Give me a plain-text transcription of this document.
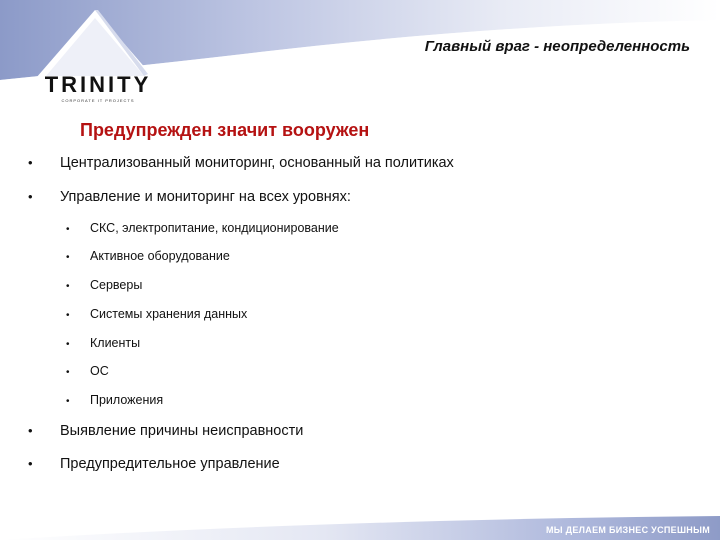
TRINITY
CORPORATE IT PROJECTS
Главный враг - неопределенность
Предупрежден значит вооружен
• Централизованный мониторинг, основанный на политиках
• Управление и мониторинг на всех уровнях:
• СКС, электропитание, кондиционирование
• Активное оборудование
• Серверы
• Системы хранения данных
• Клиенты
• ОС
• Приложения
• Выявление причины неисправности
• Предупредительное управление
МЫ ДЕЛАЕМ БИЗНЕС УСПЕШНЫМ
